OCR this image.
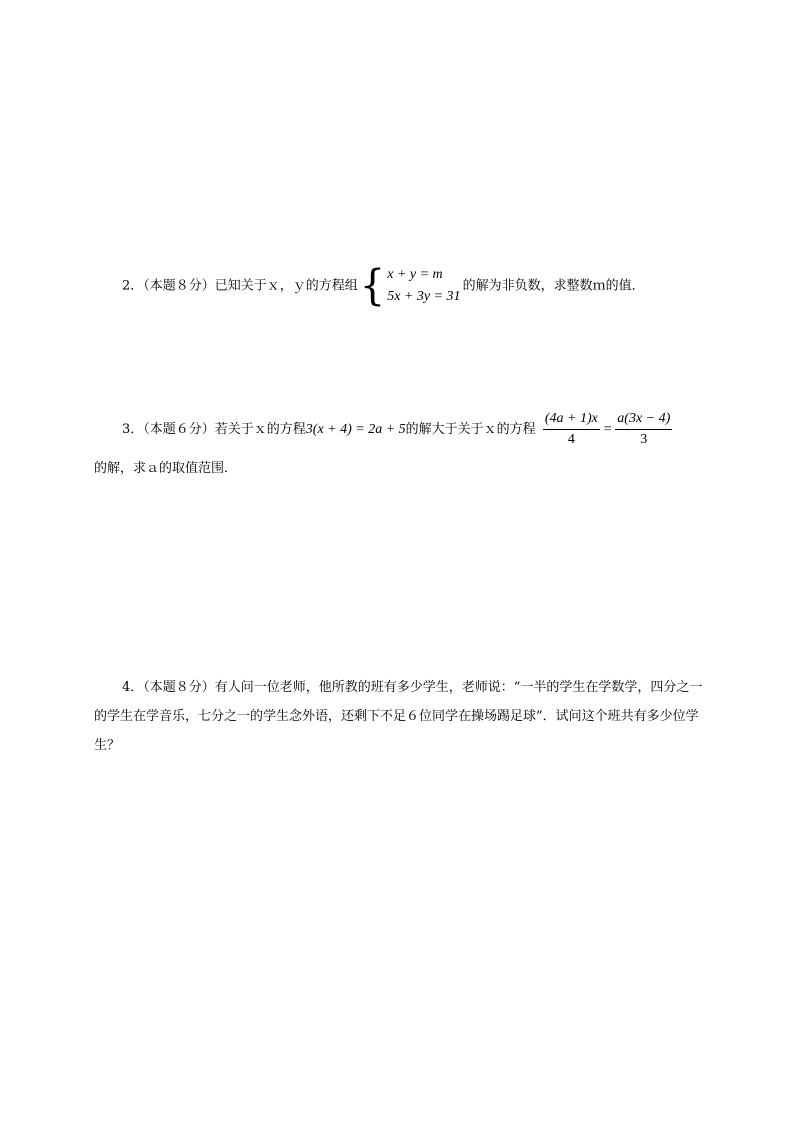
2．（本题８分）已知关于ｘ，ｙ的方程组 { x + y = m
5x + 3y = 31
的解为非负数，求整数ｍ的值．
3．（本题６分）若关于ｘ的方程3(x + 4) = 2a + 5的解大于关于ｘ的方程 $\frac{(4a + 1)x}{4} = \frac{a(3x - 4)}{3}$
的解，求ａ的取值范围．
4．（本题８分）有人问一位老师，他所教的班有多少学生，老师说：“一半的学生在学数学，四分之一的学生在学音乐，七分之一的学生念外语，还剩下不足６位同学在操场踢足球”．试问这个班共有多少位学生？
